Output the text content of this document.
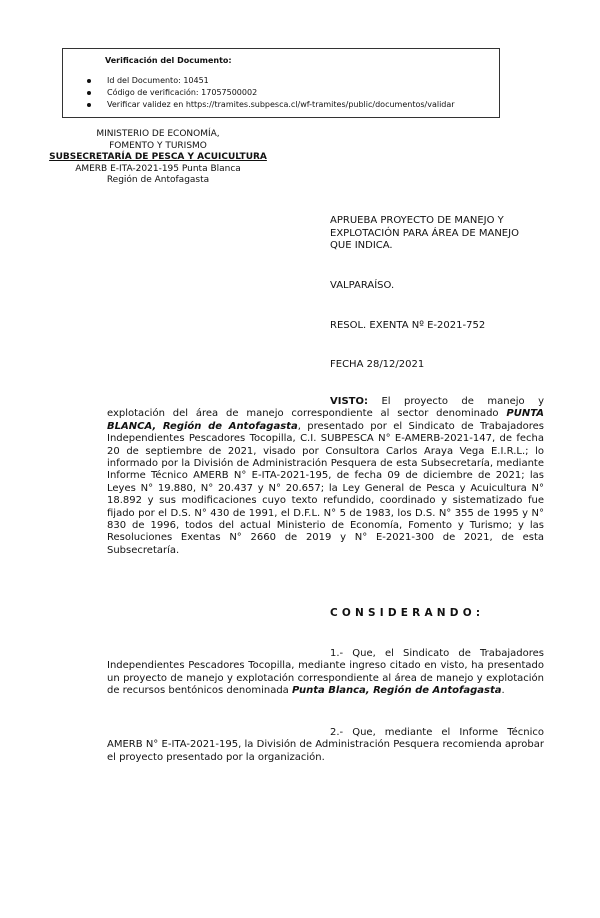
Verificación del Documento:
Id del Documento: 10451
Código de verificación: 17057500002
Verificar validez en https://tramites.subpesca.cl/wf-tramites/public/documentos/validar
MINISTERIO DE ECONOMÍA,
FOMENTO Y TURISMO
SUBSECRETARÍA DE PESCA Y ACUICULTURA
AMERB E-ITA-2021-195 Punta Blanca
Región de Antofagasta
APRUEBA PROYECTO DE MANEJO Y
EXPLOTACIÓN PARA ÁREA DE MANEJO
QUE INDICA.
VALPARAÍSO.
RESOL. EXENTA Nº E-2021-752
FECHA 28/12/2021
VISTO: El proyecto de manejo y explotación del área de manejo correspondiente al sector denominado PUNTA BLANCA, Región de Antofagasta, presentado por el Sindicato de Trabajadores Independientes Pescadores Tocopilla, C.I. SUBPESCA N° E-AMERB-2021-147, de fecha 20 de septiembre de 2021, visado por Consultora Carlos Araya Vega E.I.R.L.; lo informado por la División de Administración Pesquera de esta Subsecretaría, mediante Informe Técnico AMERB N° E-ITA-2021-195, de fecha 09 de diciembre de 2021; las Leyes N° 19.880, N° 20.437 y N° 20.657; la Ley General de Pesca y Acuicultura N° 18.892 y sus modificaciones cuyo texto refundido, coordinado y sistematizado fue fijado por el D.S. N° 430 de 1991, el D.F.L. N° 5 de 1983, los D.S. N° 355 de 1995 y N° 830 de 1996, todos del actual Ministerio de Economía, Fomento y Turismo; y las Resoluciones Exentas N° 2660 de 2019 y N° E-2021-300 de 2021, de esta Subsecretaría.
CONSIDERANDO:
1.- Que, el Sindicato de Trabajadores Independientes Pescadores Tocopilla, mediante ingreso citado en visto, ha presentado un proyecto de manejo y explotación correspondiente al área de manejo y explotación de recursos bentónicos denominada Punta Blanca, Región de Antofagasta.
2.- Que, mediante el Informe Técnico AMERB N° E-ITA-2021-195, la División de Administración Pesquera recomienda aprobar el proyecto presentado por la organización.
